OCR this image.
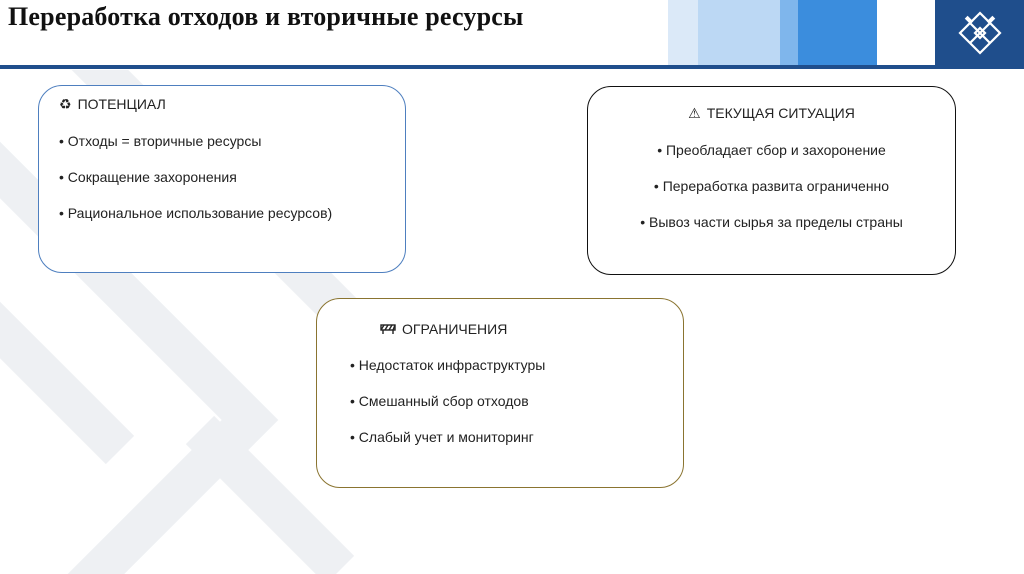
Переработка отходов и вторичные ресурсы
♻ ПОТЕНЦИАЛ
• Отходы = вторичные ресурсы
• Сокращение захоронения
• Рациональное использование ресурсов)
⚠ ТЕКУЩАЯ СИТУАЦИЯ
• Преобладает сбор и захоронение
• Переработка развита ограниченно
• Вывоз части сырья за пределы страны
ОГРАНИЧЕНИЯ
• Недостаток инфраструктуры
• Смешанный сбор отходов
• Слабый учет и мониторинг
